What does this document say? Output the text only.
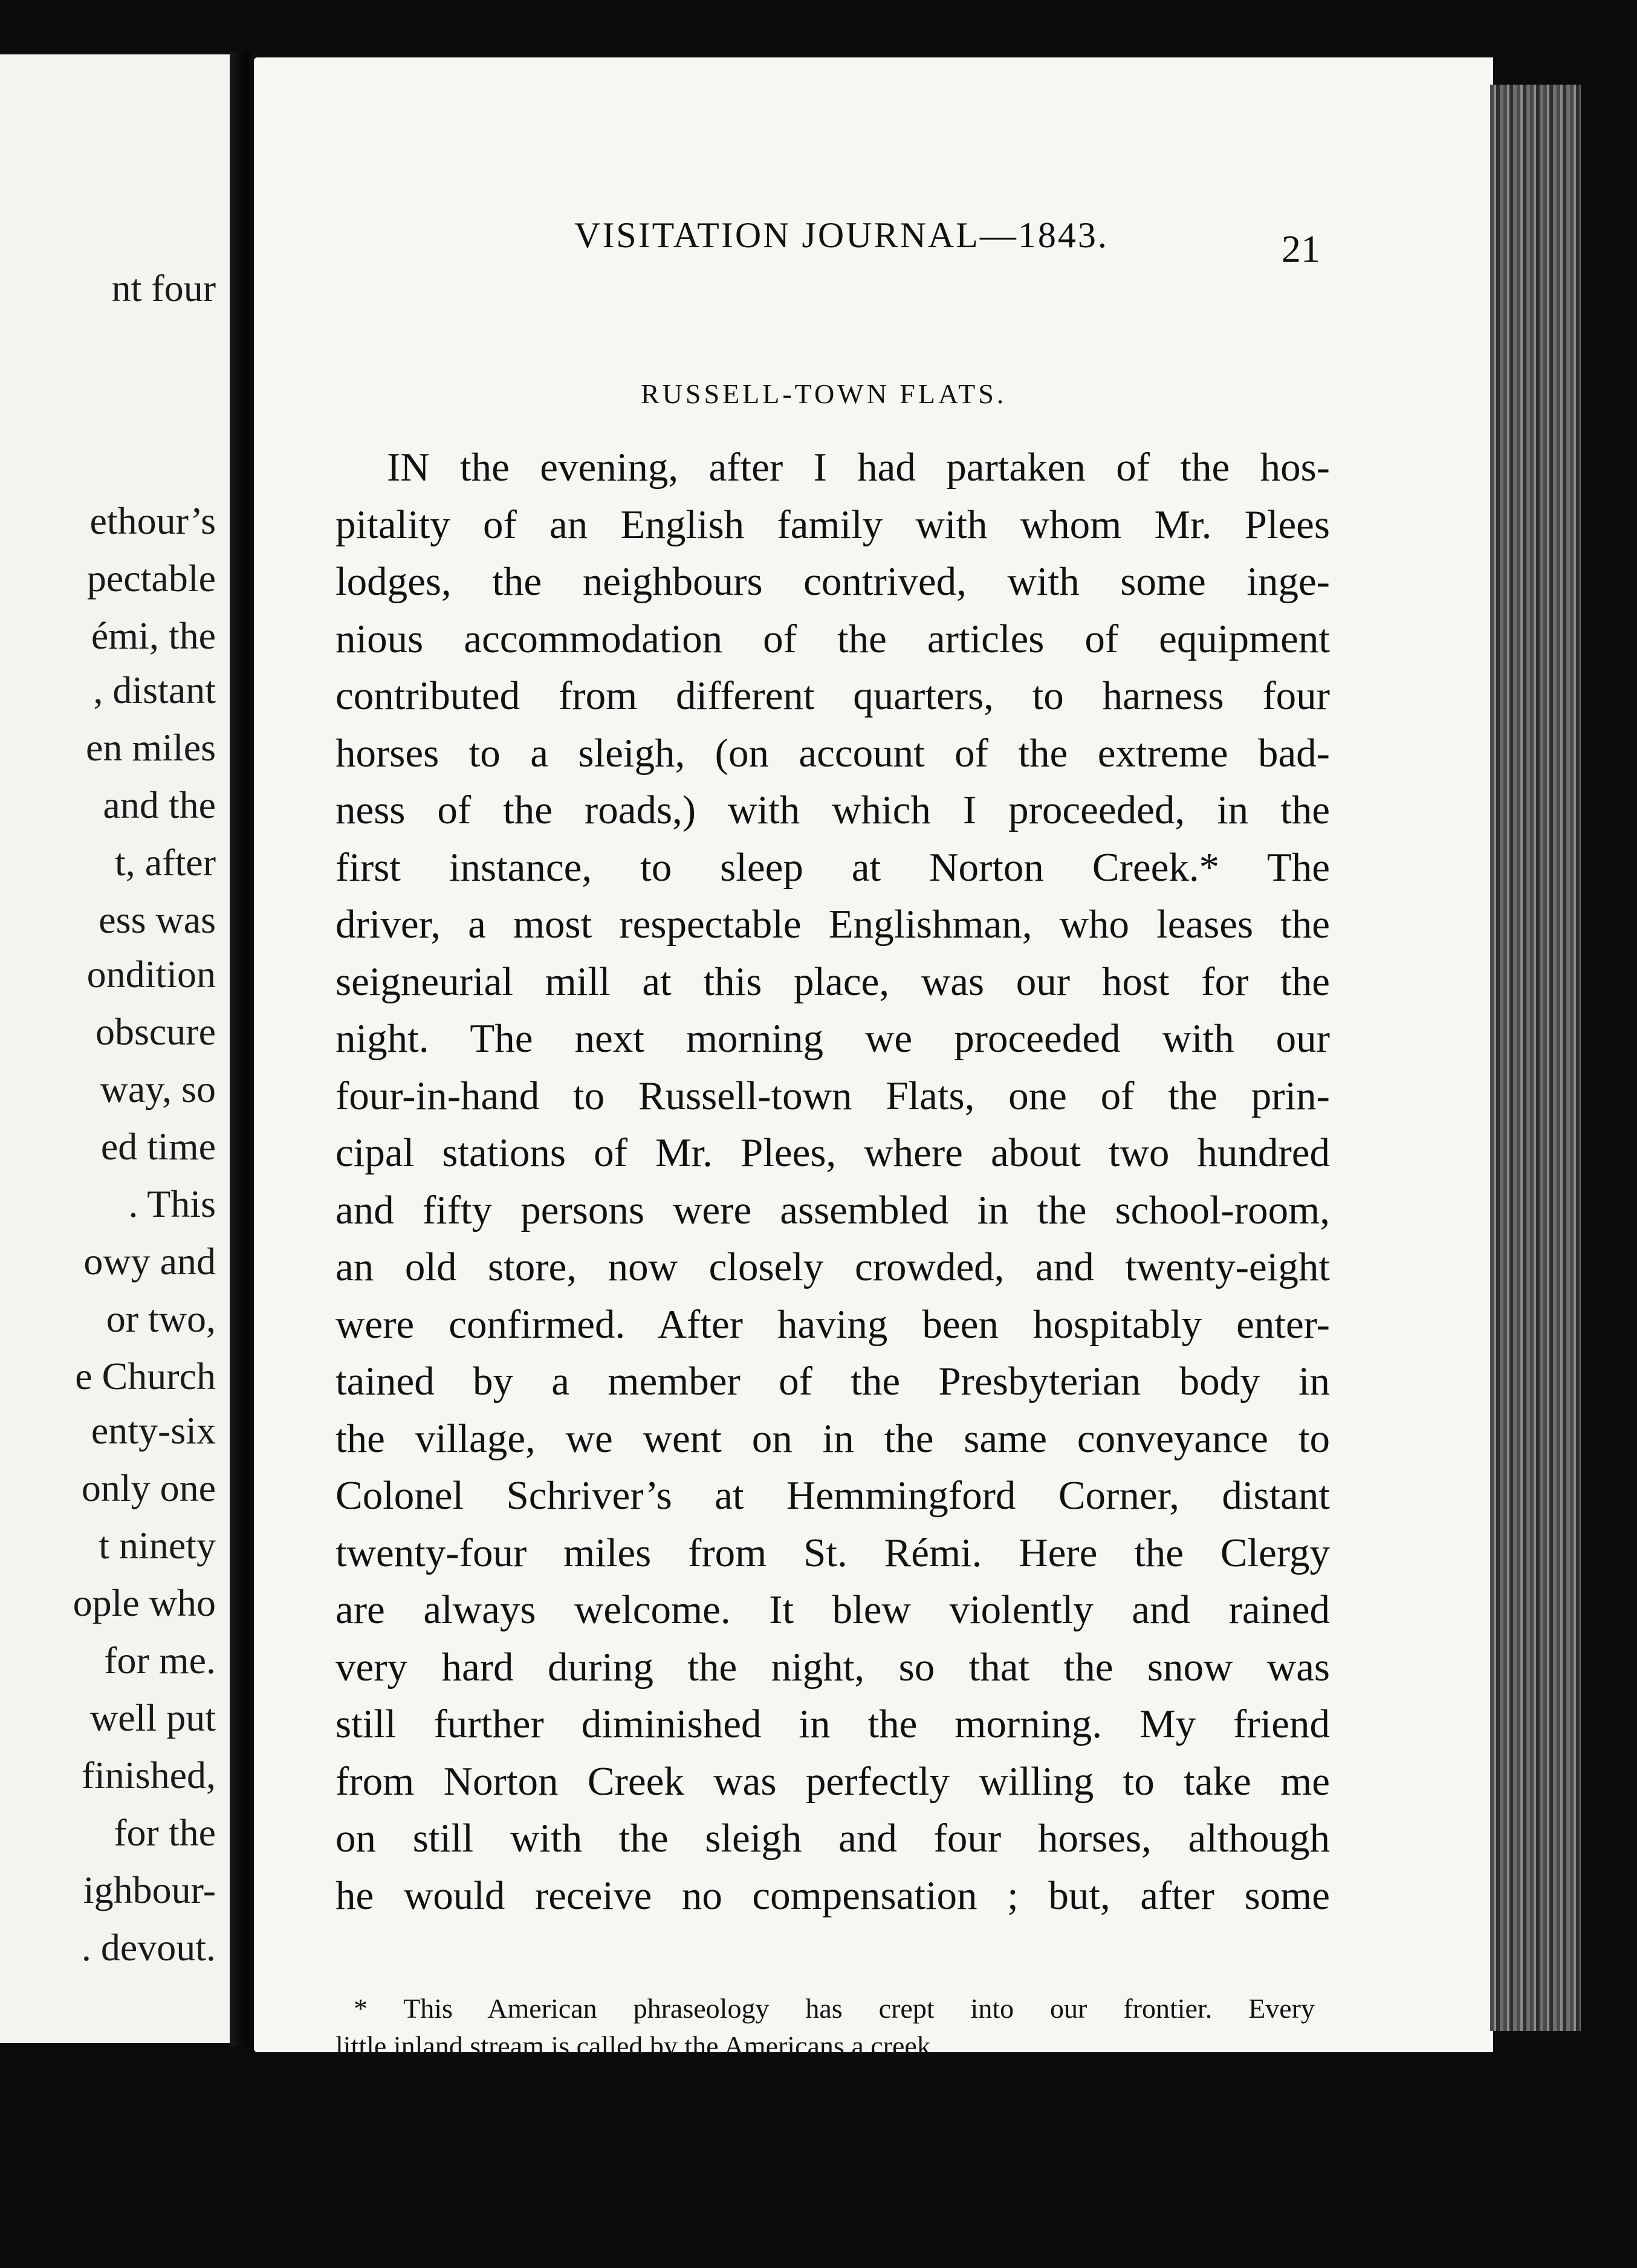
nt four
ethour’s
pectable
émi, the
, distant
en miles
and the
t, after
ess was
ondition
obscure
way, so
ed time
. This
owy and
or two,
e Church
enty-six
only one
t ninety
ople who
for me.
well put
finished,
for the
ighbour-
. devout.
VISITATION JOURNAL—1843.	21
RUSSELL-TOWN FLATS.
IN the evening, after I had partaken of the hos-
pitality of an English family with whom Mr. Plees
lodges, the neighbours contrived, with some inge-
nious accommodation of the articles of equipment
contributed from different quarters, to harness four
horses to a sleigh, (on account of the extreme bad-
ness of the roads,) with which I proceeded, in the
first instance, to sleep at Norton Creek.* The
driver, a most respectable Englishman, who leases the
seigneurial mill at this place, was our host for the
night. The next morning we proceeded with our
four-in-hand to Russell-town Flats, one of the prin-
cipal stations of Mr. Plees, where about two hundred
and fifty persons were assembled in the school-room,
an old store, now closely crowded, and twenty-eight
were confirmed. After having been hospitably enter-
tained by a member of the Presbyterian body in
the village, we went on in the same conveyance to
Colonel Schriver’s at Hemmingford Corner, distant
twenty-four miles from St. Rémi. Here the Clergy
are always welcome. It blew violently and rained
very hard during the night, so that the snow was
still further diminished in the morning. My friend
from Norton Creek was perfectly willing to take me
on still with the sleigh and four horses, although
he would receive no compensation ; but, after some
* This American phraseology has crept into our frontier. Every
little inland stream is called by the Americans a creek.
